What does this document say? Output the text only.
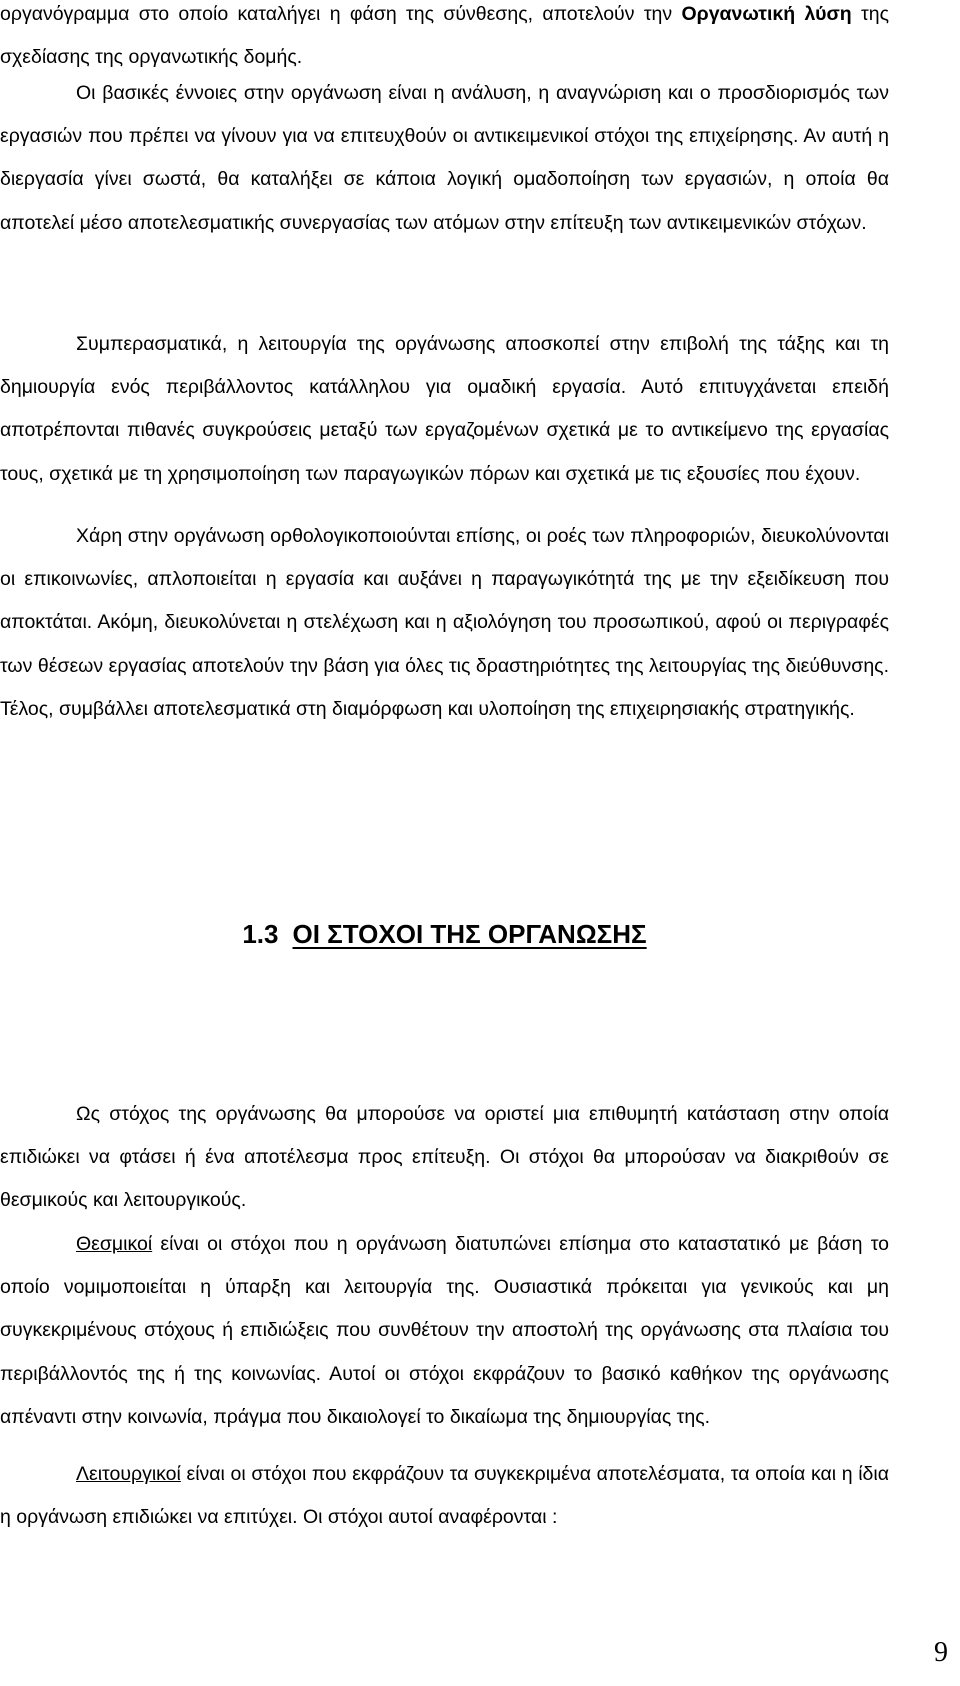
οργανόγραμμα στο οποίο καταλήγει η φάση της σύνθεσης, αποτελούν την Οργανωτική λύση της σχεδίασης της οργανωτικής δομής.

Οι βασικές έννοιες στην οργάνωση είναι η ανάλυση, η αναγνώριση και ο προσδιορισμός των εργασιών που πρέπει να γίνουν για να επιτευχθούν οι αντικειμενικοί στόχοι της επιχείρησης. Αν αυτή η διεργασία γίνει σωστά, θα καταλήξει σε κάποια λογική ομαδοποίηση των εργασιών, η οποία θα αποτελεί μέσο αποτελεσματικής συνεργασίας των ατόμων στην επίτευξη των αντικειμενικών στόχων.

Συμπερασματικά, η λειτουργία της οργάνωσης αποσκοπεί στην επιβολή της τάξης και τη δημιουργία ενός περιβάλλοντος κατάλληλου για ομαδική εργασία. Αυτό επιτυγχάνεται επειδή αποτρέπονται πιθανές συγκρούσεις μεταξύ των εργαζομένων σχετικά με το αντικείμενο της εργασίας τους, σχετικά με τη χρησιμοποίηση των παραγωγικών πόρων και σχετικά με τις εξουσίες που έχουν.

Χάρη στην οργάνωση ορθολογικοποιούνται επίσης, οι ροές των πληροφοριών, διευκολύνονται οι επικοινωνίες, απλοποιείται η εργασία και αυξάνει η παραγωγικότητά της με την εξειδίκευση που αποκτάται. Ακόμη, διευκολύνεται η στελέχωση και η αξιολόγηση του προσωπικού, αφού οι περιγραφές των θέσεων εργασίας αποτελούν την βάση για όλες τις δραστηριότητες της λειτουργίας της διεύθυνσης. Τέλος, συμβάλλει αποτελεσματικά στη διαμόρφωση και υλοποίηση της επιχειρησιακής στρατηγικής.

1.3 ΟΙ ΣΤΟΧΟΙ ΤΗΣ ΟΡΓΑΝΩΣΗΣ

Ως στόχος της οργάνωσης θα μπορούσε να οριστεί μια επιθυμητή κατάσταση στην οποία επιδιώκει να φτάσει ή ένα αποτέλεσμα προς επίτευξη. Οι στόχοι θα μπορούσαν να διακριθούν σε θεσμικούς και λειτουργικούς.

Θεσμικοί είναι οι στόχοι που η οργάνωση διατυπώνει επίσημα στο καταστατικό με βάση το οποίο νομιμοποιείται η ύπαρξη και λειτουργία της. Ουσιαστικά πρόκειται για γενικούς και μη συγκεκριμένους στόχους ή επιδιώξεις που συνθέτουν την αποστολή της οργάνωσης στα πλαίσια του περιβάλλοντός της ή της κοινωνίας. Αυτοί οι στόχοι εκφράζουν το βασικό καθήκον της οργάνωσης απέναντι στην κοινωνία, πράγμα που δικαιολογεί το δικαίωμα της δημιουργίας της.

Λειτουργικοί είναι οι στόχοι που εκφράζουν τα συγκεκριμένα αποτελέσματα, τα οποία και η ίδια η οργάνωση επιδιώκει να επιτύχει. Οι στόχοι αυτοί αναφέρονται :

9
